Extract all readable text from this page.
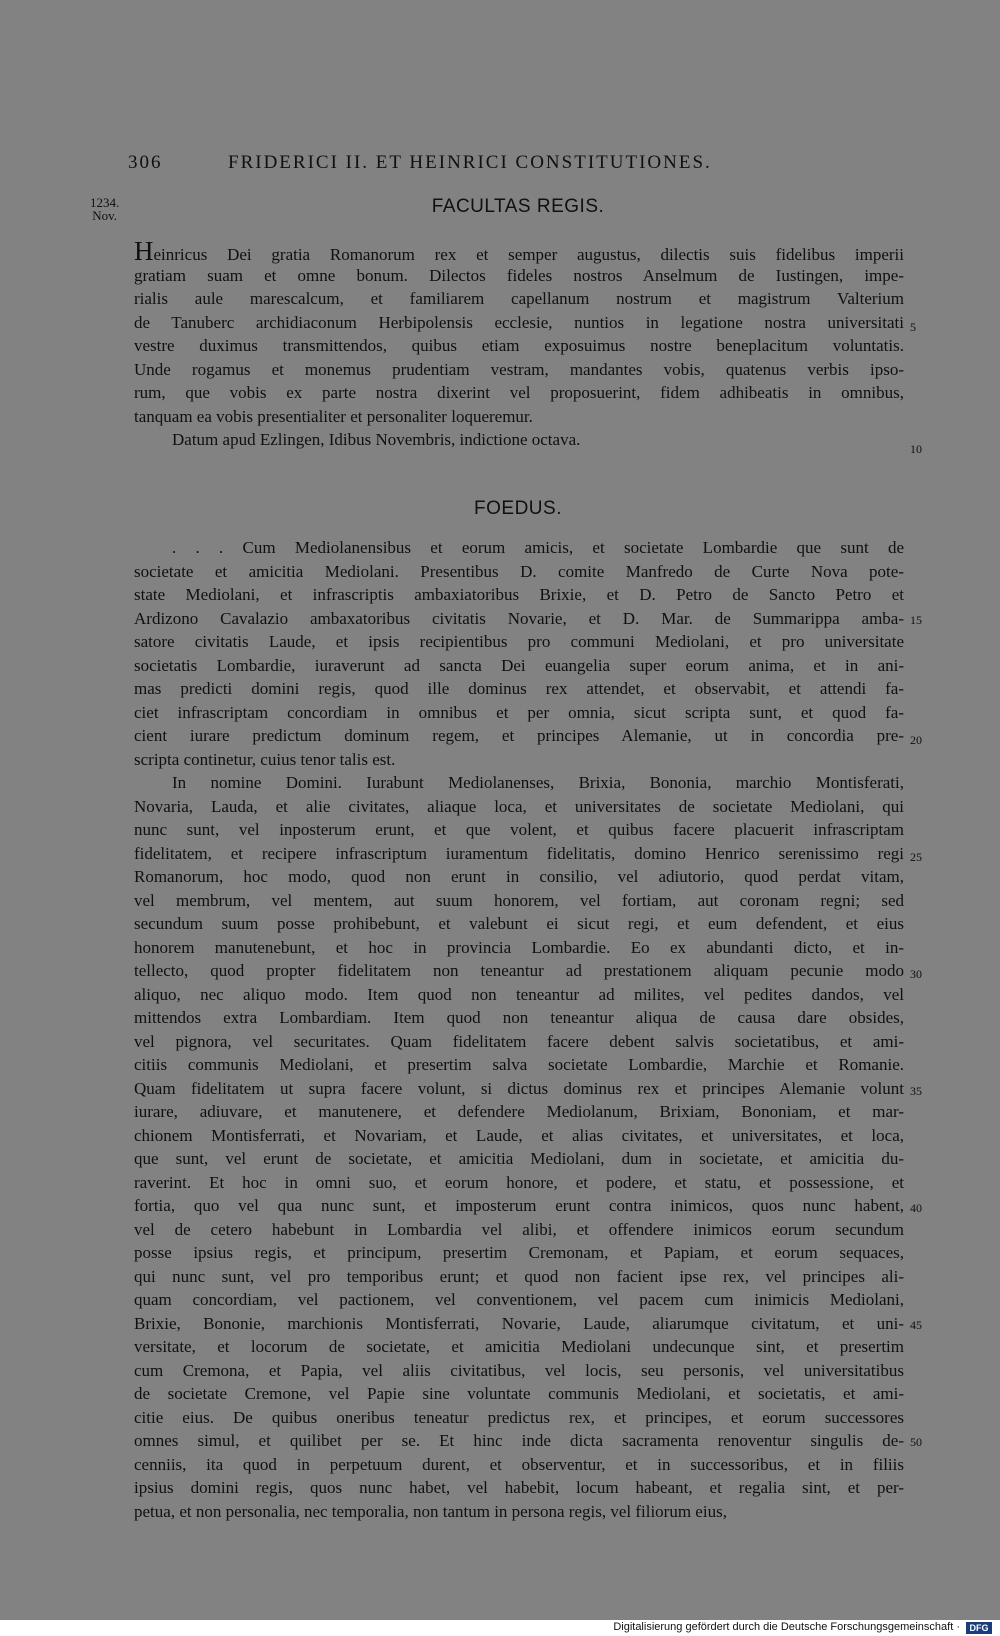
306	FRIDERICI II. ET HEINRICI CONSTITUTIONES.
1234.
Nov.	FACULTAS REGIS.
Heinricus Dei gratia Romanorum rex et semper augustus, dilectis suis fidelibus imperii
gratiam suam et omne bonum. Dilectos fideles nostros Anselmum de Iustingen, impe-
rialis aule marescalcum, et familiarem capellanum nostrum et magistrum Valterium
de Tanuberc archidiaconum Herbipolensis ecclesie, nuntios in legatione nostra universitati
vestre duximus transmittendos, quibus etiam exposuimus nostre beneplacitum voluntatis.
Unde rogamus et monemus prudentiam vestram, mandantes vobis, quatenus verbis ipso-
rum, que vobis ex parte nostra dixerint vel proposuerint, fidem adhibeatis in omnibus,
tanquam ea vobis presentialiter et personaliter loqueremur.
Datum apud Ezlingen, Idibus Novembris, indictione octava.
FOEDUS.
. . . Cum Mediolanensibus et eorum amicis, et societate Lombardie que sunt de
societate et amicitia Mediolani. Presentibus D. comite Manfredo de Curte Nova pote-
state Mediolani, et infrascriptis ambaxiatoribus Brixie, et D. Petro de Sancto Petro et
Ardizono Cavalazio ambaxatoribus civitatis Novarie, et D. Mar. de Summarippa amba-
satore civitatis Laude, et ipsis recipientibus pro communi Mediolani, et pro universitate
societatis Lombardie, iuraverunt ad sancta Dei euangelia super eorum anima, et in ani-
mas predicti domini regis, quod ille dominus rex attendet, et observabit, et attendi fa-
ciet infrascriptam concordiam in omnibus et per omnia, sicut scripta sunt, et quod fa-
cient iurare predictum dominum regem, et principes Alemanie, ut in concordia pre-
scripta continetur, cuius tenor talis est.
In nomine Domini. Iurabunt Mediolanenses, Brixia, Bononia, marchio Montisferati,
Novaria, Lauda, et alie civitates, aliaque loca, et universitates de societate Mediolani, qui
nunc sunt, vel inposterum erunt, et que volent, et quibus facere placuerit infrascriptam
fidelitatem, et recipere infrascriptum iuramentum fidelitatis, domino Henrico serenissimo regi
Romanorum, hoc modo, quod non erunt in consilio, vel adiutorio, quod perdat vitam,
vel membrum, vel mentem, aut suum honorem, vel fortiam, aut coronam regni; sed
secundum suum posse prohibebunt, et valebunt ei sicut regi, et eum defendent, et eius
honorem manutenebunt, et hoc in provincia Lombardie. Eo ex abundanti dicto, et in-
tellecto, quod propter fidelitatem non teneantur ad prestationem aliquam pecunie modo
aliquo, nec aliquo modo. Item quod non teneantur ad milites, vel pedites dandos, vel
mittendos extra Lombardiam. Item quod non teneantur aliqua de causa dare obsides,
vel pignora, vel securitates. Quam fidelitatem facere debent salvis societatibus, et ami-
citiis communis Mediolani, et presertim salva societate Lombardie, Marchie et Romanie.
Quam fidelitatem ut supra facere volunt, si dictus dominus rex et principes Alemanie volunt
iurare, adiuvare, et manutenere, et defendere Mediolanum, Brixiam, Bononiam, et mar-
chionem Montisferrati, et Novariam, et Laude, et alias civitates, et universitates, et loca,
que sunt, vel erunt de societate, et amicitia Mediolani, dum in societate, et amicitia du-
raverint. Et hoc in omni suo, et eorum honore, et podere, et statu, et possessione, et
fortia, quo vel qua nunc sunt, et imposterum erunt contra inimicos, quos nunc habent,
vel de cetero habebunt in Lombardia vel alibi, et offendere inimicos eorum secundum
posse ipsius regis, et principum, presertim Cremonam, et Papiam, et eorum sequaces,
qui nunc sunt, vel pro temporibus erunt; et quod non facient ipse rex, vel principes ali-
quam concordiam, vel pactionem, vel conventionem, vel pacem cum inimicis Mediolani,
Brixie, Bononie, marchionis Montisferrati, Novarie, Laude, aliarumque civitatum, et uni-
versitate, et locorum de societate, et amicitia Mediolani undecunque sint, et presertim
cum Cremona, et Papia, vel aliis civitatibus, vel locis, seu personis, vel universitatibus
de societate Cremone, vel Papie sine voluntate communis Mediolani, et societatis, et ami-
citie eius. De quibus oneribus teneatur predictus rex, et principes, et eorum successores
omnes simul, et quilibet per se. Et hinc inde dicta sacramenta renoventur singulis de-
cenniis, ita quod in perpetuum durent, et observentur, et in successoribus, et in filiis
ipsius domini regis, quos nunc habet, vel habebit, locum habeant, et regalia sint, et per-
petua, et non personalia, nec temporalia, non tantum in persona regis, vel filiorum eius,
5
10
15
20
25
30
35
40
45
50
Digitalisierung gefördert durch die Deutsche Forschungsgemeinschaft ·	DFG
